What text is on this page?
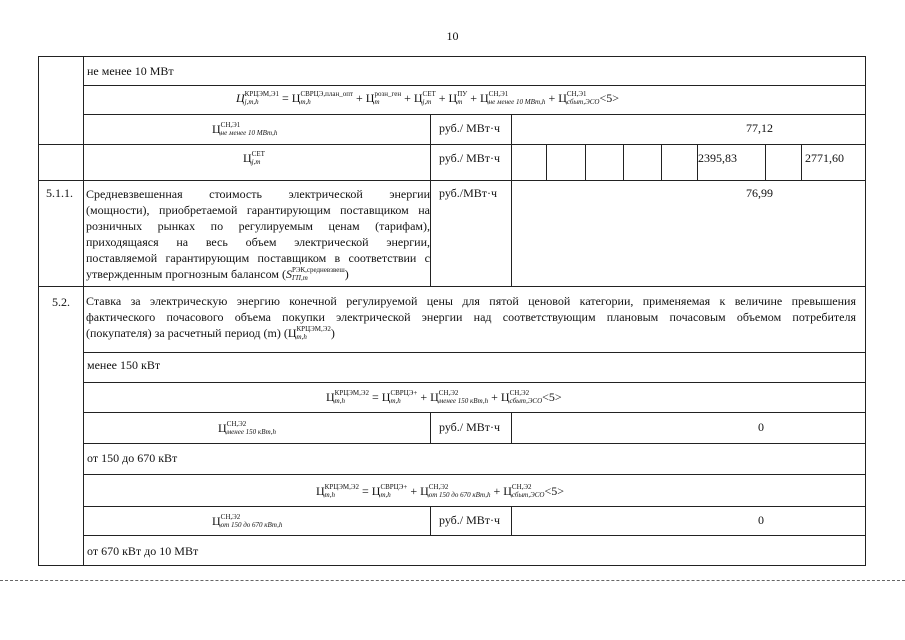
10
не менее 10 МВт
Ц КРЦЭМ,Э1
j,m,h	= Ц СВРЦЭ,план_опт
m,h	+ Ц розн_ген
m	+ Ц СЕТ
j,m + Ц ПУ
m + Ц СН,Э1
не менее 10 МВт,h + Ц СН,Э1
сбыт,ЭСО <5>
Ц СН,Э1
не менее 10 МВт,h	руб./ МВт·ч	77,12
Ц СЕТ
j,m	руб./ МВт·ч	2395,83	2771,60
5.1.1. Средневзвешенная стоимость электрической энергии
(мощности), приобретаемой гарантирующим поставщиком на
розничных рынках по регулируемым ценам (тарифам),
приходящаяся на весь объем электрической энергии,
поставляемой гарантирующим поставщиком в соответствии с
утвержденным прогнозным балансом (S РЭК,средневзвеш
ГП,m	)
руб./МВт·ч	76,99
5.2. Ставка за электрическую энергию конечной регулируемой цены для пятой ценовой категории, применяемая к величине превышения
фактического почасового объема покупки электрической энергии над соответствующим плановым почасовым объемом потребителя
(покупателя) за расчетный период (m) (Ц КРЦЭМ,Э2
m,h	)
менее 150 кВт
Ц КРЦЭМ,Э2
m,h	= Ц СВРЦЭ+
m,h	+ Ц СН,Э2
менее 150 кВт,h + Ц СН,Э2
сбыт,ЭСО <5>
Ц СН,Э2
менее 150 кВт,h	руб./ МВт·ч	0
от 150 до 670 кВт
Ц КРЦЭМ,Э2
m,h	= Ц СВРЦЭ+
m,h	+ Ц СН,Э2
от 150 до 670 кВт,h + Ц СН,Э2
сбыт,ЭСО <5>
Ц СН,Э2
от 150 до 670 кВт,h	руб./ МВт·ч	0
от 670 кВт до 10 МВт
